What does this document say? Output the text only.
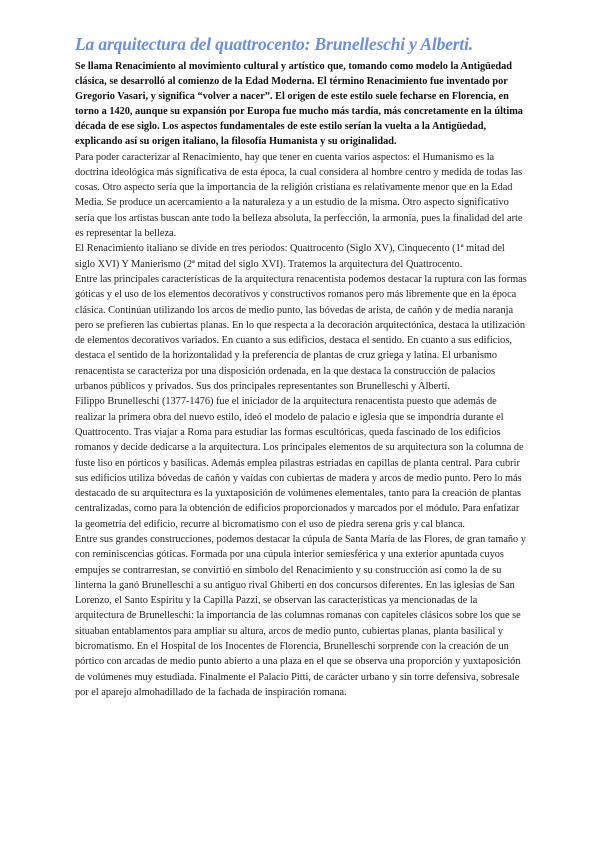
La arquitectura del quattrocento: Brunelleschi y Alberti.

Se llama Renacimiento al movimiento cultural y artístico que, tomando como modelo la Antigüedad clásica, se desarrolló al comienzo de la Edad Moderna. El término Renacimiento fue inventado por Gregorio Vasari, y significa “volver a nacer”. El origen de este estilo suele fecharse en Florencia, en torno a 1420, aunque su expansión por Europa fue mucho más tardía, más concretamente en la última década de ese siglo. Los aspectos fundamentales de este estilo serían la vuelta a la Antigüedad, explicando así su origen italiano, la filosofía Humanista y su originalidad.

Para poder caracterizar al Renacimiento, hay que tener en cuenta varios aspectos: el Humanismo es la doctrina ideológica más significativa de esta época, la cual considera al hombre centro y medida de todas las cosas. Otro aspecto sería que la importancia de la religión cristiana es relativamente menor que en la Edad Media. Se produce un acercamiento a la naturaleza y a un estudio de la misma. Otro aspecto significativo sería que los artistas buscan ante todo la belleza absoluta, la perfección, la armonía, pues la finalidad del arte es representar la belleza.

El Renacimiento italiano se divide en tres periodos: Quattrocento (Siglo XV), Cinquecento (1ª mitad del siglo XVI) Y Manierismo (2ª mitad del siglo XVI). Tratemos la arquitectura del Quattrocento.

Entre las principales características de la arquitectura renacentista podemos destacar la ruptura con las formas góticas y el uso de los elementos decorativos y constructivos romanos pero más libremente que en la época clásica. Continúan utilizando los arcos de medio punto, las bóvedas de arista, de cañón y de media naranja pero se prefieren las cubiertas planas. En lo que respecta a la decoración arquitectónica, destaca la utilización de elementos decorativos variados. En cuanto a sus edificios, destaca el sentido. En cuanto a sus edificios, destaca el sentido de la horizontalidad y la preferencia de plantas de cruz griega y latina. El urbanismo renacentista se caracteriza por una disposición ordenada, en la que destaca la construcción de palacios urbanos públicos y privados. Sus dos principales representantes son Brunelleschi y Alberti.

Filippo Brunelleschi (1377-1476) fue el iniciador de la arquitectura renacentista puesto que además de realizar la primera obra del nuevo estilo, ideó el modelo de palacio e iglesia que se impondría durante el Quattrocento. Tras viajar a Roma para estudiar las formas escultóricas, queda fascinado de los edificios romanos y decide dedicarse a la arquitectura. Los principales elementos de su arquitectura son la columna de fuste liso en pórticos y basílicas. Además emplea pilastras estriadas en capillas de planta central. Para cubrir sus edificios utiliza bóvedas de cañón y vaídas con cubiertas de madera y arcos de medio punto. Pero lo más destacado de su arquitectura es la yuxtaposición de volúmenes elementales, tanto para la creación de plantas centralizadas, como para la obtención de edificios proporcionados y marcados por el módulo. Para enfatizar la geometría del edificio, recurre al bicromatismo con el uso de piedra serena gris y cal blanca.

Entre sus grandes construcciones, podemos destacar la cúpula de Santa María de las Flores, de gran tamaño y con reminiscencias góticas. Formada por una cúpula interior semiesférica y una exterior apuntada cuyos empujes se contrarrestan, se convirtió en símbolo del Renacimiento y su construcción así como la de su linterna la ganó Brunelleschi a su antiguo rival Ghiberti en dos concursos diferentes. En las iglesias de San Lorenzo, el Santo Espíritu y la Capilla Pazzi, se observan las características ya mencionadas de la arquitectura de Brunelleschi: la importancia de las columnas romanas con capiteles clásicos sobre los que se situaban entablamentos para ampliar su altura, arcos de medio punto, cubiertas planas, planta basilical y bicromatismo. En el Hospital de los Inocentes de Florencia, Brunelleschi sorprende con la creación de un pórtico con arcadas de medio punto abierto a una plaza en el que se observa una proporción y yuxtaposición de volúmenes muy estudiada. Finalmente el Palacio Pitti, de carácter urbano y sin torre defensiva, sobresale por el aparejo almohadillado de la fachada de inspiración romana.
